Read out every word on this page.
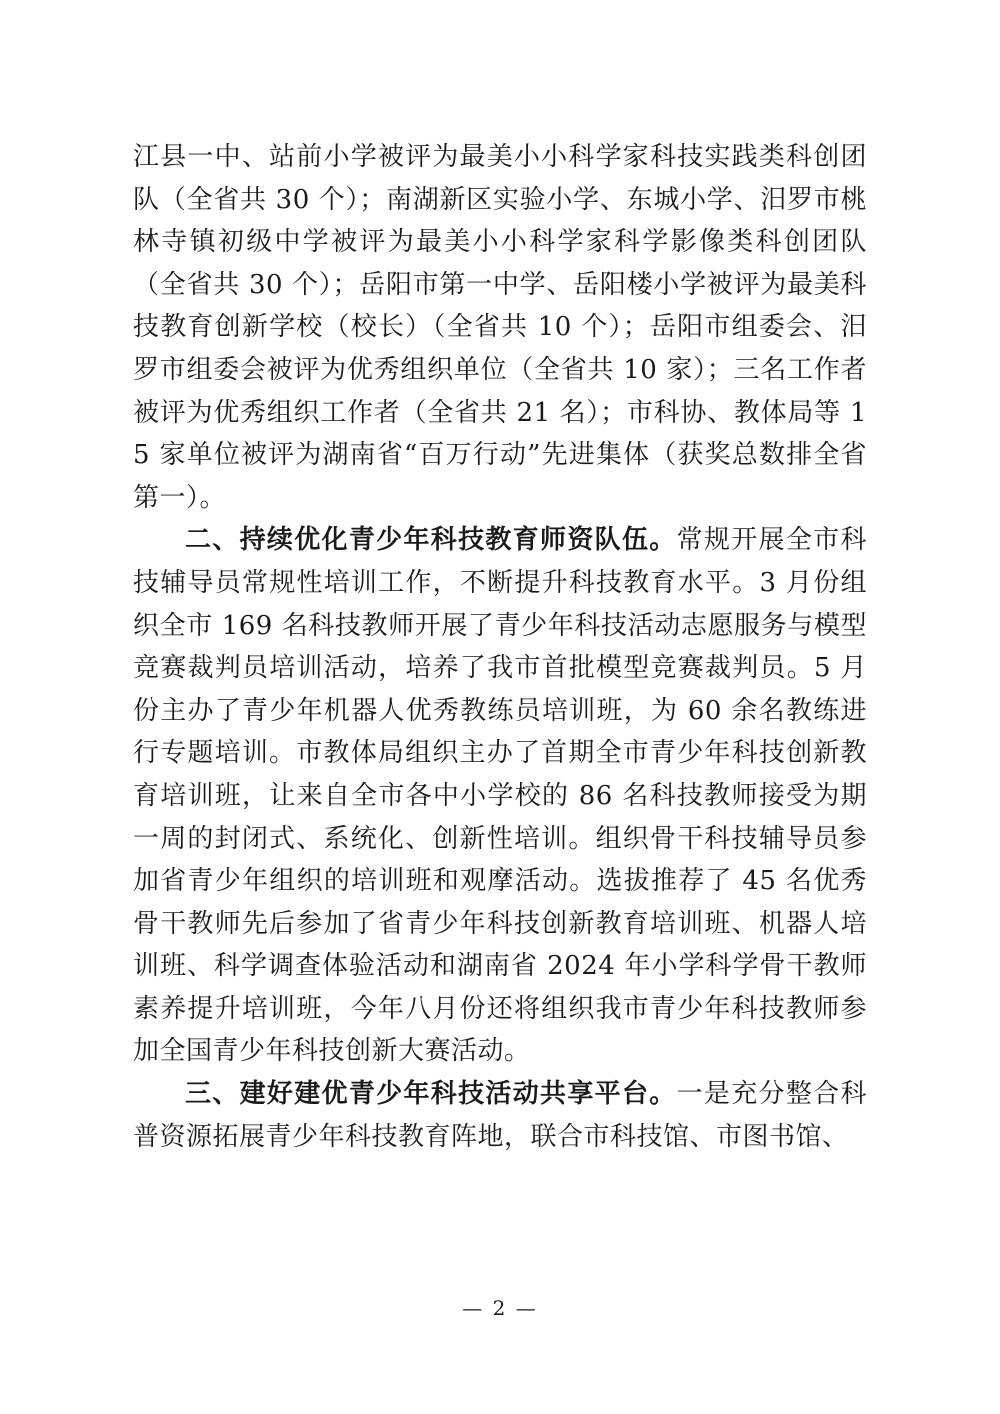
江县一中、站前小学被评为最美小小科学家科技实践类科创团队（全省共 30 个）；南湖新区实验小学、东城小学、汨罗市桃林寺镇初级中学被评为最美小小科学家科学影像类科创团队（全省共 30 个）；岳阳市第一中学、岳阳楼小学被评为最美科技教育创新学校（校长）（全省共 10 个）；岳阳市组委会、汨罗市组委会被评为优秀组织单位（全省共 10 家）；三名工作者被评为优秀组织工作者（全省共 21 名）；市科协、教体局等 15 家单位被评为湖南省“百万行动”先进集体（获奖总数排全省第一）。

二、持续优化青少年科技教育师资队伍。常规开展全市科技辅导员常规性培训工作，不断提升科技教育水平。3 月份组织全市 169 名科技教师开展了青少年科技活动志愿服务与模型竞赛裁判员培训活动，培养了我市首批模型竞赛裁判员。5 月份主办了青少年机器人优秀教练员培训班，为 60 余名教练进行专题培训。市教体局组织主办了首期全市青少年科技创新教育培训班，让来自全市各中小学校的 86 名科技教师接受为期一周的封闭式、系统化、创新性培训。组织骨干科技辅导员参加省青少年组织的培训班和观摩活动。选拔推荐了 45 名优秀骨干教师先后参加了省青少年科技创新教育培训班、机器人培训班、科学调查体验活动和湖南省 2024 年小学科学骨干教师素养提升培训班，今年八月份还将组织我市青少年科技教师参加全国青少年科技创新大赛活动。

三、建好建优青少年科技活动共享平台。一是充分整合科普资源拓展青少年科技教育阵地，联合市科技馆、市图书馆、

— 2 —
